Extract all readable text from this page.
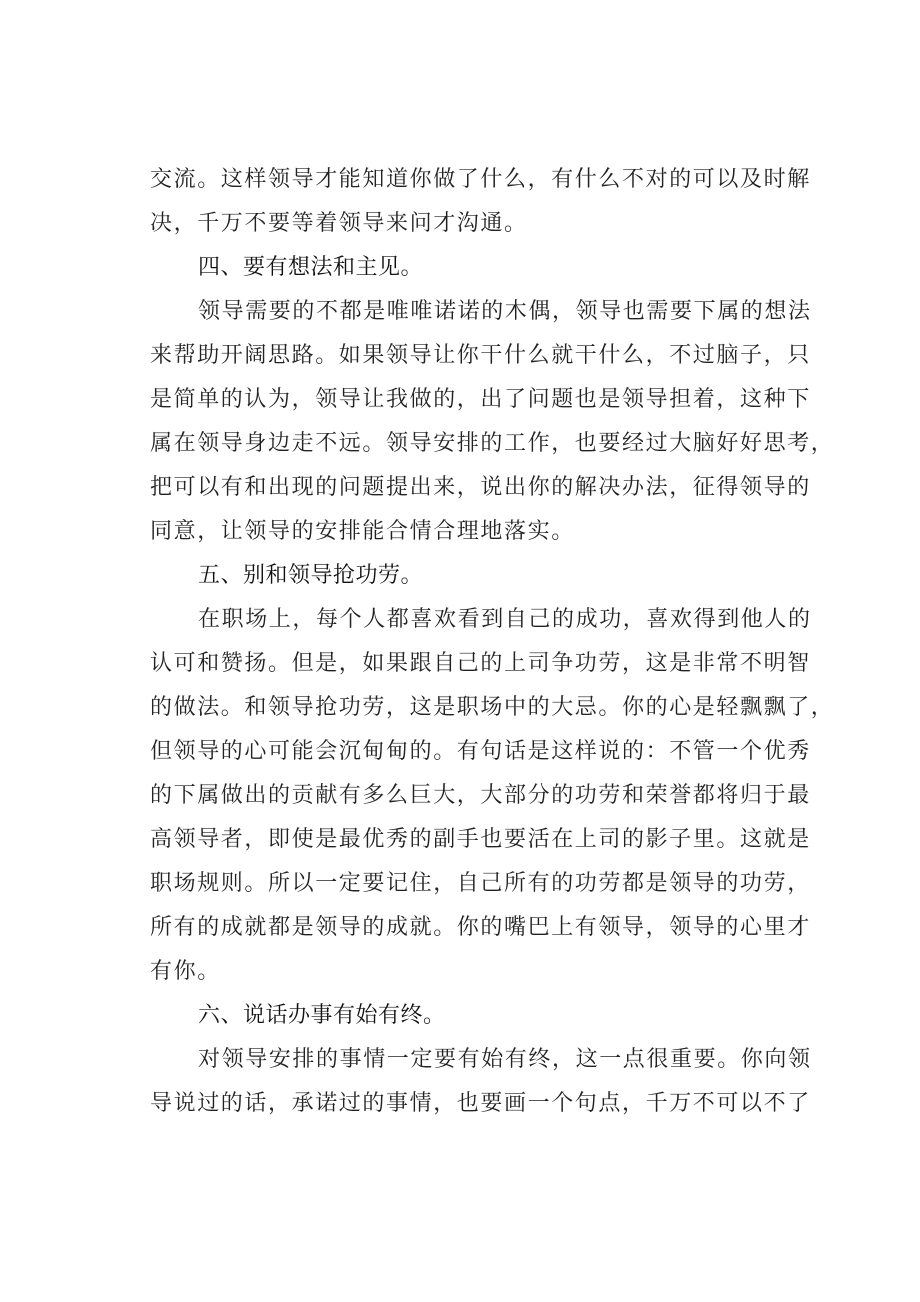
交流。这样领导才能知道你做了什么，有什么不对的可以及时解
决，千万不要等着领导来问才沟通。
四、要有想法和主见。
领导需要的不都是唯唯诺诺的木偶，领导也需要下属的想法
来帮助开阔思路。如果领导让你干什么就干什么，不过脑子，只
是简单的认为，领导让我做的，出了问题也是领导担着，这种下
属在领导身边走不远。领导安排的工作，也要经过大脑好好思考，
把可以有和出现的问题提出来，说出你的解决办法，征得领导的
同意，让领导的安排能合情合理地落实。
五、别和领导抢功劳。
在职场上，每个人都喜欢看到自己的成功，喜欢得到他人的
认可和赞扬。但是，如果跟自己的上司争功劳，这是非常不明智
的做法。和领导抢功劳，这是职场中的大忌。你的心是轻飘飘了，
但领导的心可能会沉甸甸的。有句话是这样说的：不管一个优秀
的下属做出的贡献有多么巨大，大部分的功劳和荣誉都将归于最
高领导者，即使是最优秀的副手也要活在上司的影子里。这就是
职场规则。所以一定要记住，自己所有的功劳都是领导的功劳，
所有的成就都是领导的成就。你的嘴巴上有领导，领导的心里才
有你。
六、说话办事有始有终。
对领导安排的事情一定要有始有终，这一点很重要。你向领
导说过的话，承诺过的事情，也要画一个句点，千万不可以不了
